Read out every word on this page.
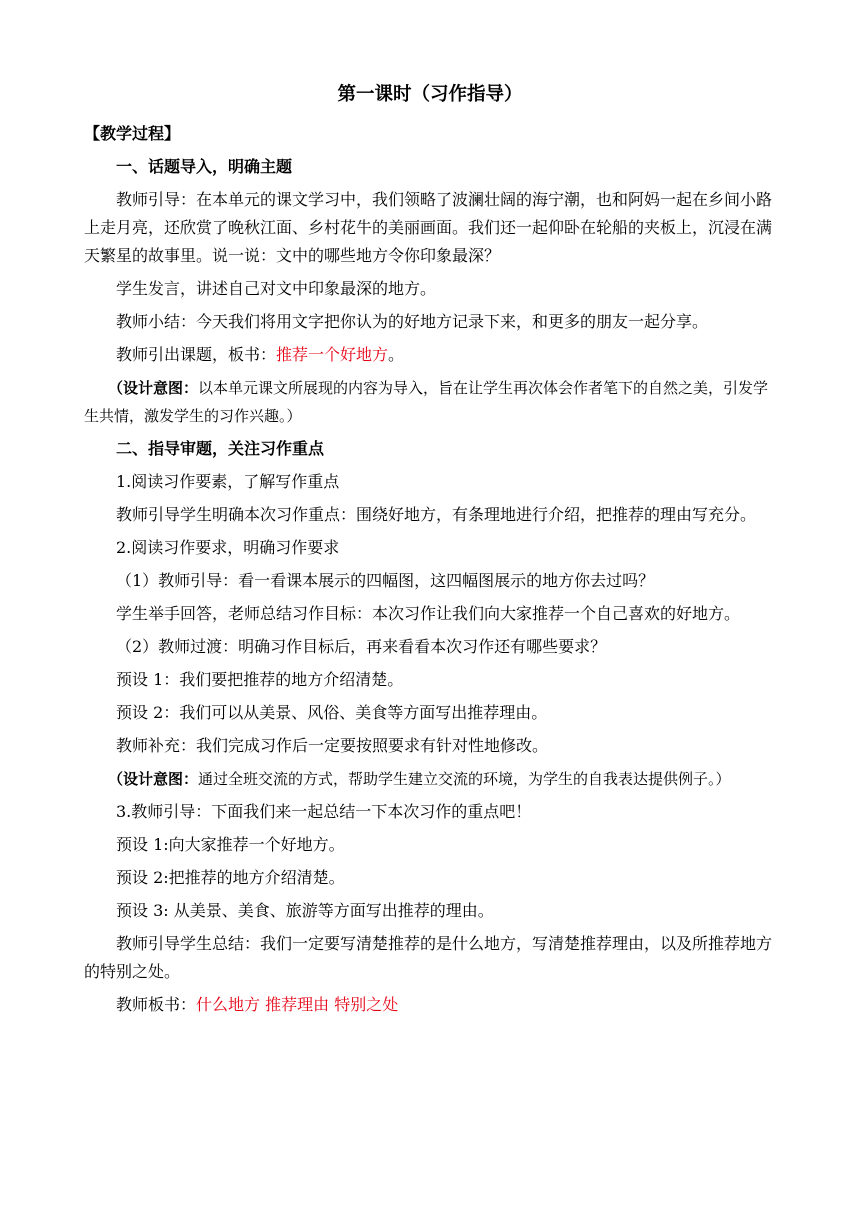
第一课时（习作指导）

【教学过程】

一、话题导入，明确主题

教师引导：在本单元的课文学习中，我们领略了波澜壮阔的海宁潮，也和阿妈一起在乡间小路上走月亮，还欣赏了晚秋江面、乡村花牛的美丽画面。我们还一起仰卧在轮船的夹板上，沉浸在满天繁星的故事里。说一说：文中的哪些地方令你印象最深？

学生发言，讲述自己对文中印象最深的地方。

教师小结：今天我们将用文字把你认为的好地方记录下来，和更多的朋友一起分享。

教师引出课题，板书：推荐一个好地方。

（设计意图：以本单元课文所展现的内容为导入，旨在让学生再次体会作者笔下的自然之美，引发学生共情，激发学生的习作兴趣。）

二、指导审题，关注习作重点

1.阅读习作要素，了解写作重点

教师引导学生明确本次习作重点：围绕好地方，有条理地进行介绍，把推荐的理由写充分。

2.阅读习作要求，明确习作要求

（1）教师引导：看一看课本展示的四幅图，这四幅图展示的地方你去过吗？

学生举手回答，老师总结习作目标：本次习作让我们向大家推荐一个自己喜欢的好地方。

（2）教师过渡：明确习作目标后，再来看看本次习作还有哪些要求？

预设 1：我们要把推荐的地方介绍清楚。

预设 2：我们可以从美景、风俗、美食等方面写出推荐理由。

教师补充：我们完成习作后一定要按照要求有针对性地修改。

（设计意图：通过全班交流的方式，帮助学生建立交流的环境，为学生的自我表达提供例子。）

3.教师引导：下面我们来一起总结一下本次习作的重点吧！

预设 1:向大家推荐一个好地方。

预设 2:把推荐的地方介绍清楚。

预设 3: 从美景、美食、旅游等方面写出推荐的理由。

教师引导学生总结：我们一定要写清楚推荐的是什么地方，写清楚推荐理由，以及所推荐地方的特别之处。

教师板书：什么地方 推荐理由 特别之处
